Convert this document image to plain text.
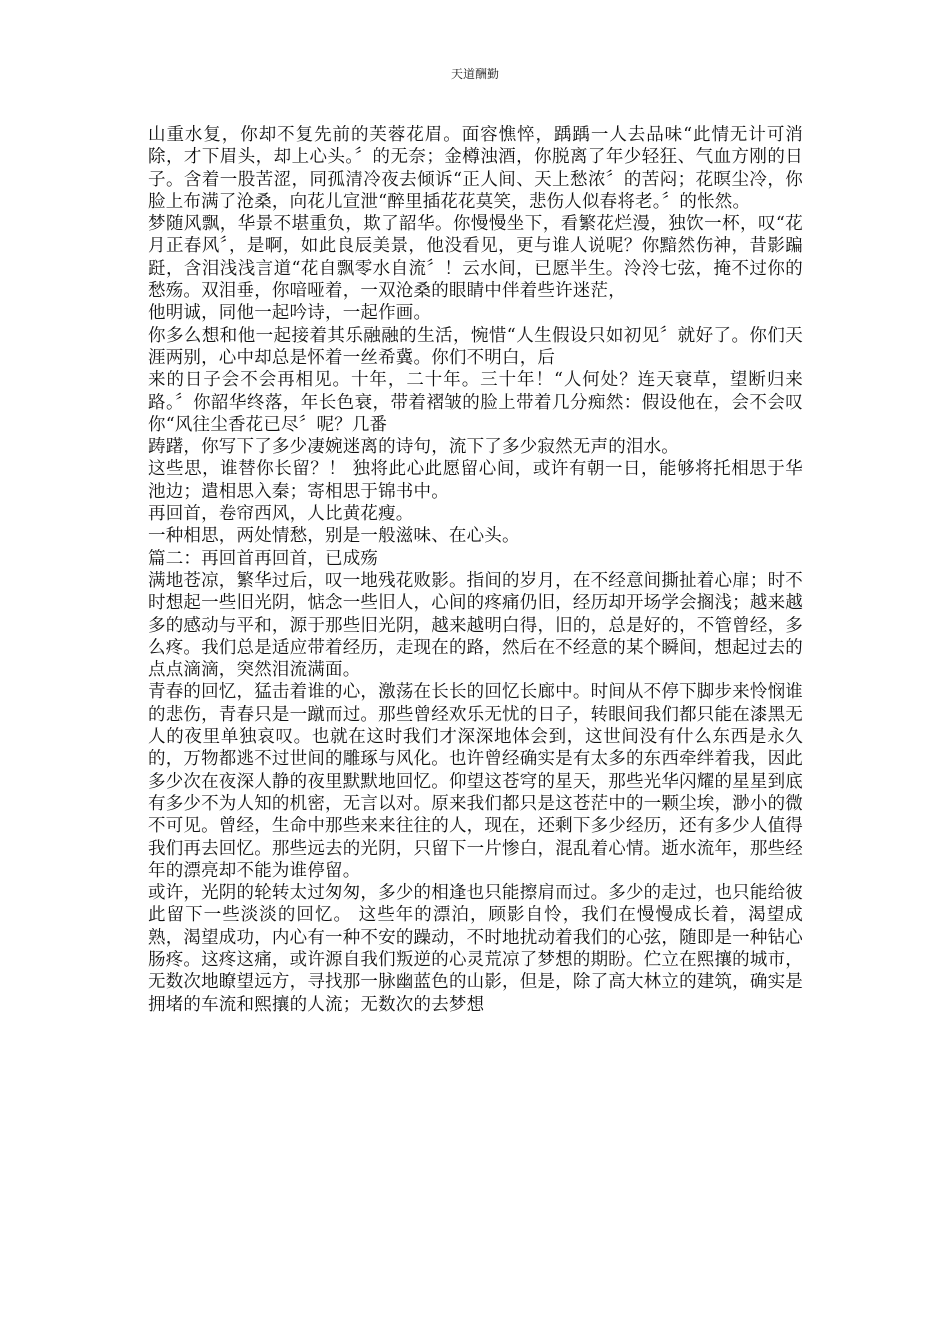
天道酬勤

山重水复，你却不复先前的芙蓉花眉。面容憔悴，踽踽一人去品味“此情无计可消除，才下眉头，却上心头。〞的无奈；金樽浊酒，你脱离了年少轻狂、气血方刚的日子。含着一股苦涩，同孤清冷夜去倾诉“正人间、天上愁浓〞的苦闷；花暝尘冷，你脸上布满了沧桑，向花儿宣泄“醉里插花花莫笑，悲伤人似春将老。〞的怅然。

梦随风飘，华景不堪重负，欺了韶华。你慢慢坐下，看繁花烂漫，独饮一杯，叹“花月正春风〞，是啊，如此良辰美景，他没看见，更与谁人说呢？你黯然伤神，昔影蹁跹，含泪浅浅言道“花自飘零水自流〞！云水间，已愿半生。泠泠七弦，掩不过你的愁殇。双泪垂，你喑哑着，一双沧桑的眼睛中伴着些许迷茫，

他明诚，同他一起吟诗，一起作画。

你多么想和他一起接着其乐融融的生活，惋惜“人生假设只如初见〞就好了。你们天涯两别，心中却总是怀着一丝希冀。你们不明白，后

来的日子会不会再相见。十年，二十年。三十年！“人何处？连天衰草，望断归来路。〞你韶华终落，年长色衰，带着褶皱的脸上带着几分痴然：假设他在，会不会叹你“风往尘香花已尽〞呢？几番

踌躇，你写下了多少凄婉迷离的诗句，流下了多少寂然无声的泪水。

这些思，谁替你长留？！ 独将此心此愿留心间，或许有朝一日，能够将托相思于华池边；遣相思入秦；寄相思于锦书中。

再回首，卷帘西风，人比黄花瘦。

一种相思，两处情愁，别是一般滋味、在心头。

篇二：再回首再回首，已成殇

满地苍凉，繁华过后，叹一地残花败影。指间的岁月，在不经意间撕扯着心扉；时不时想起一些旧光阴，惦念一些旧人，心间的疼痛仍旧，经历却开场学会搁浅；越来越多的感动与平和，源于那些旧光阴，越来越明白得，旧的，总是好的，不管曾经，多么疼。我们总是适应带着经历，走现在的路，然后在不经意的某个瞬间，想起过去的点点滴滴，突然泪流满面。

青春的回忆，猛击着谁的心，激荡在长长的回忆长廊中。时间从不停下脚步来怜悯谁的悲伤，青春只是一蹴而过。那些曾经欢乐无忧的日子，转眼间我们都只能在漆黑无人的夜里单独哀叹。也就在这时我们才深深地体会到，这世间没有什么东西是永久的，万物都逃不过世间的雕琢与风化。也许曾经确实是有太多的东西牵绊着我，因此多少次在夜深人静的夜里默默地回忆。仰望这苍穹的星天，那些光华闪耀的星星到底有多少不为人知的机密，无言以对。原来我们都只是这苍茫中的一颗尘埃，渺小的微不可见。曾经，生命中那些来来往往的人，现在，还剩下多少经历，还有多少人值得我们再去回忆。那些远去的光阴，只留下一片惨白，混乱着心情。逝水流年，那些经年的漂亮却不能为谁停留。

或许，光阴的轮转太过匆匆，多少的相逢也只能擦肩而过。多少的走过，也只能给彼此留下一些淡淡的回忆。 这些年的漂泊，顾影自怜，我们在慢慢成长着，渴望成熟，渴望成功，内心有一种不安的躁动，不时地扰动着我们的心弦，随即是一种钻心肠疼。这疼这痛，或许源自我们叛逆的心灵荒凉了梦想的期盼。伫立在熙攘的城市，无数次地瞭望远方，寻找那一脉幽蓝色的山影，但是，除了高大林立的建筑，确实是拥堵的车流和熙攘的人流；无数次的去梦想
